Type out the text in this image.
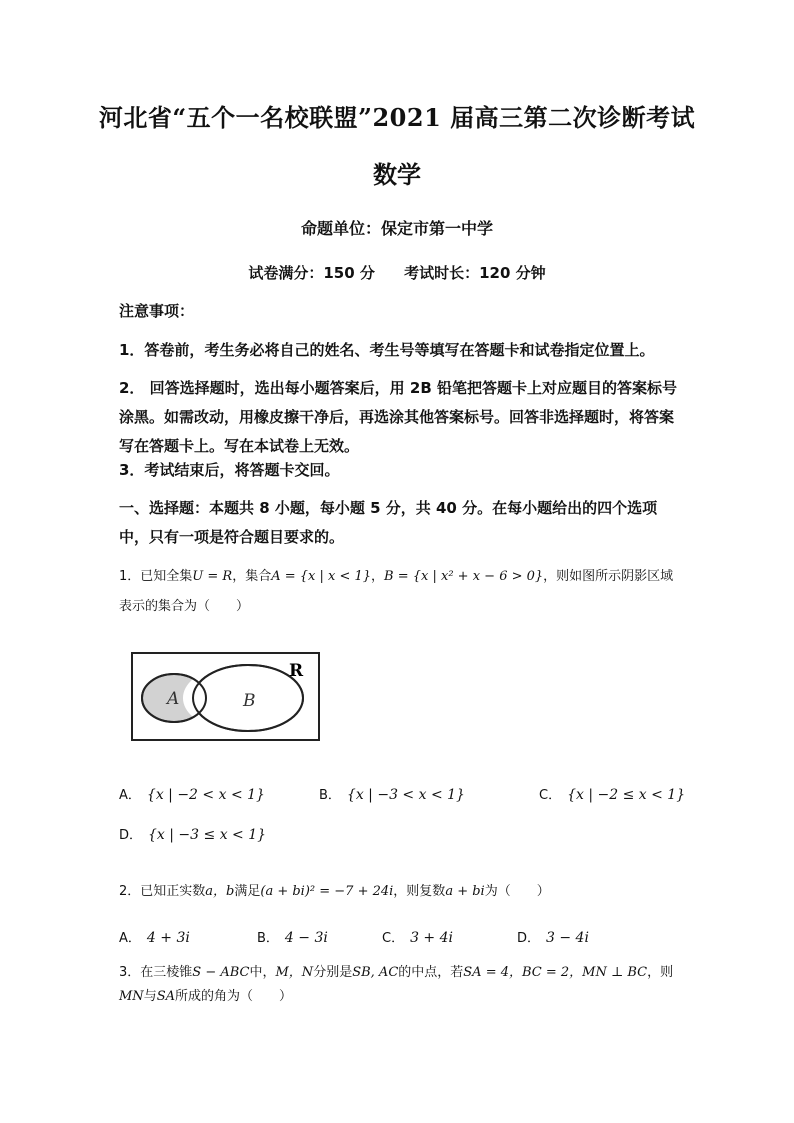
河北省“五个一名校联盟”2021 届高三第二次诊断考试
数学
命题单位：保定市第一中学
试卷满分：150 分 考试时长：120 分钟
注意事项：
1．答卷前，考生务必将自己的姓名、考生号等填写在答题卡和试卷指定位置上。
2． 回答选择题时，选出每小题答案后，用 2B 铅笔把答题卡上对应题目的答案标号涂黑。如需改动，用橡皮擦干净后，再选涂其他答案标号。回答非选择题时，将答案写在答题卡上。写在本试卷上无效。
3．考试结束后，将答题卡交回。
一、选择题：本题共 8 小题，每小题 5 分，共 40 分。在每小题给出的四个选项中，只有一项是符合题目要求的。
1．已知全集U = R，集合A = {x | x < 1}，B = {x | x² + x − 6 > 0}，则如图所示阴影区域表示的集合为（　　）
R
A	B
A． {x | −2 < x < 1}	B． {x | −3 < x < 1}	C． {x | −2 ≤ x < 1}
D． {x | −3 ≤ x < 1}
2．已知正实数a，b满足(a + bi)² = −7 + 24i，则复数a + bi为（　　）
A． 4 + 3i	B． 4 − 3i	C． 3 + 4i	D． 3 − 4i
3．在三棱锥S − ABC中，M，N分别是SB, AC的中点，若SA = 4，BC = 2，MN ⊥ BC，则MN与SA所成的角为（　　）
